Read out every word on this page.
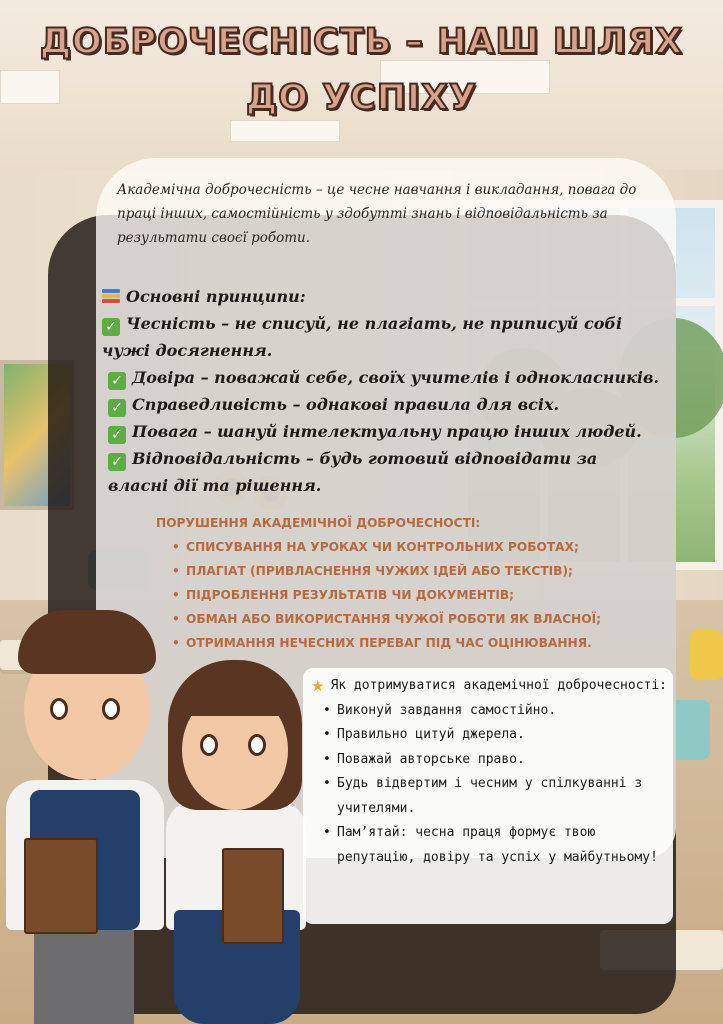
ДОБРОЧЕСНІСТЬ – НАШ ШЛЯХ
ДО УСПІХУ

Академічна доброчесність – це чесне навчання і викладання, повага до праці інших, самостійність у здобутті знань і відповідальність за результати своєї роботи.

Основні принципи:
✓ Чесність – не списуй, не плагіать, не приписуй собі чужі досягнення.
✓ Довіра – поважай себе, своїх учителів і однокласників.
✓ Справедливість – однакові правила для всіх.
✓ Повага – шануй інтелектуальну працю інших людей.
✓ Відповідальність – будь готовий відповідати за власні дії та рішення.
ПОРУШЕННЯ АКАДЕМІЧНОЇ ДОБРОЧЕСНОСТІ:
• СПИСУВАННЯ НА УРОКАХ ЧИ КОНТРОЛЬНИХ РОБОТАХ;
• ПЛАГІАТ (ПРИВЛАСНЕННЯ ЧУЖИХ ІДЕЙ АБО ТЕКСТІВ);
• ПІДРОБЛЕННЯ РЕЗУЛЬТАТІВ ЧИ ДОКУМЕНТІВ;
• ОБМАН АБО ВИКОРИСТАННЯ ЧУЖОЇ РОБОТИ ЯК ВЛАСНОЇ;
• ОТРИМАННЯ НЕЧЕСНИХ ПЕРЕВАГ ПІД ЧАС ОЦІНЮВАННЯ.
★ Як дотримуватися академічної доброчесності:
• Виконуй завдання самостійно.
• Правильно цитуй джерела.
• Поважай авторське право.
• Будь відвертим і чесним у спілкуванні з учителями.
• Пам’ятай: чесна праця формує твою репутацію, довіру та успіх у майбутньому!
